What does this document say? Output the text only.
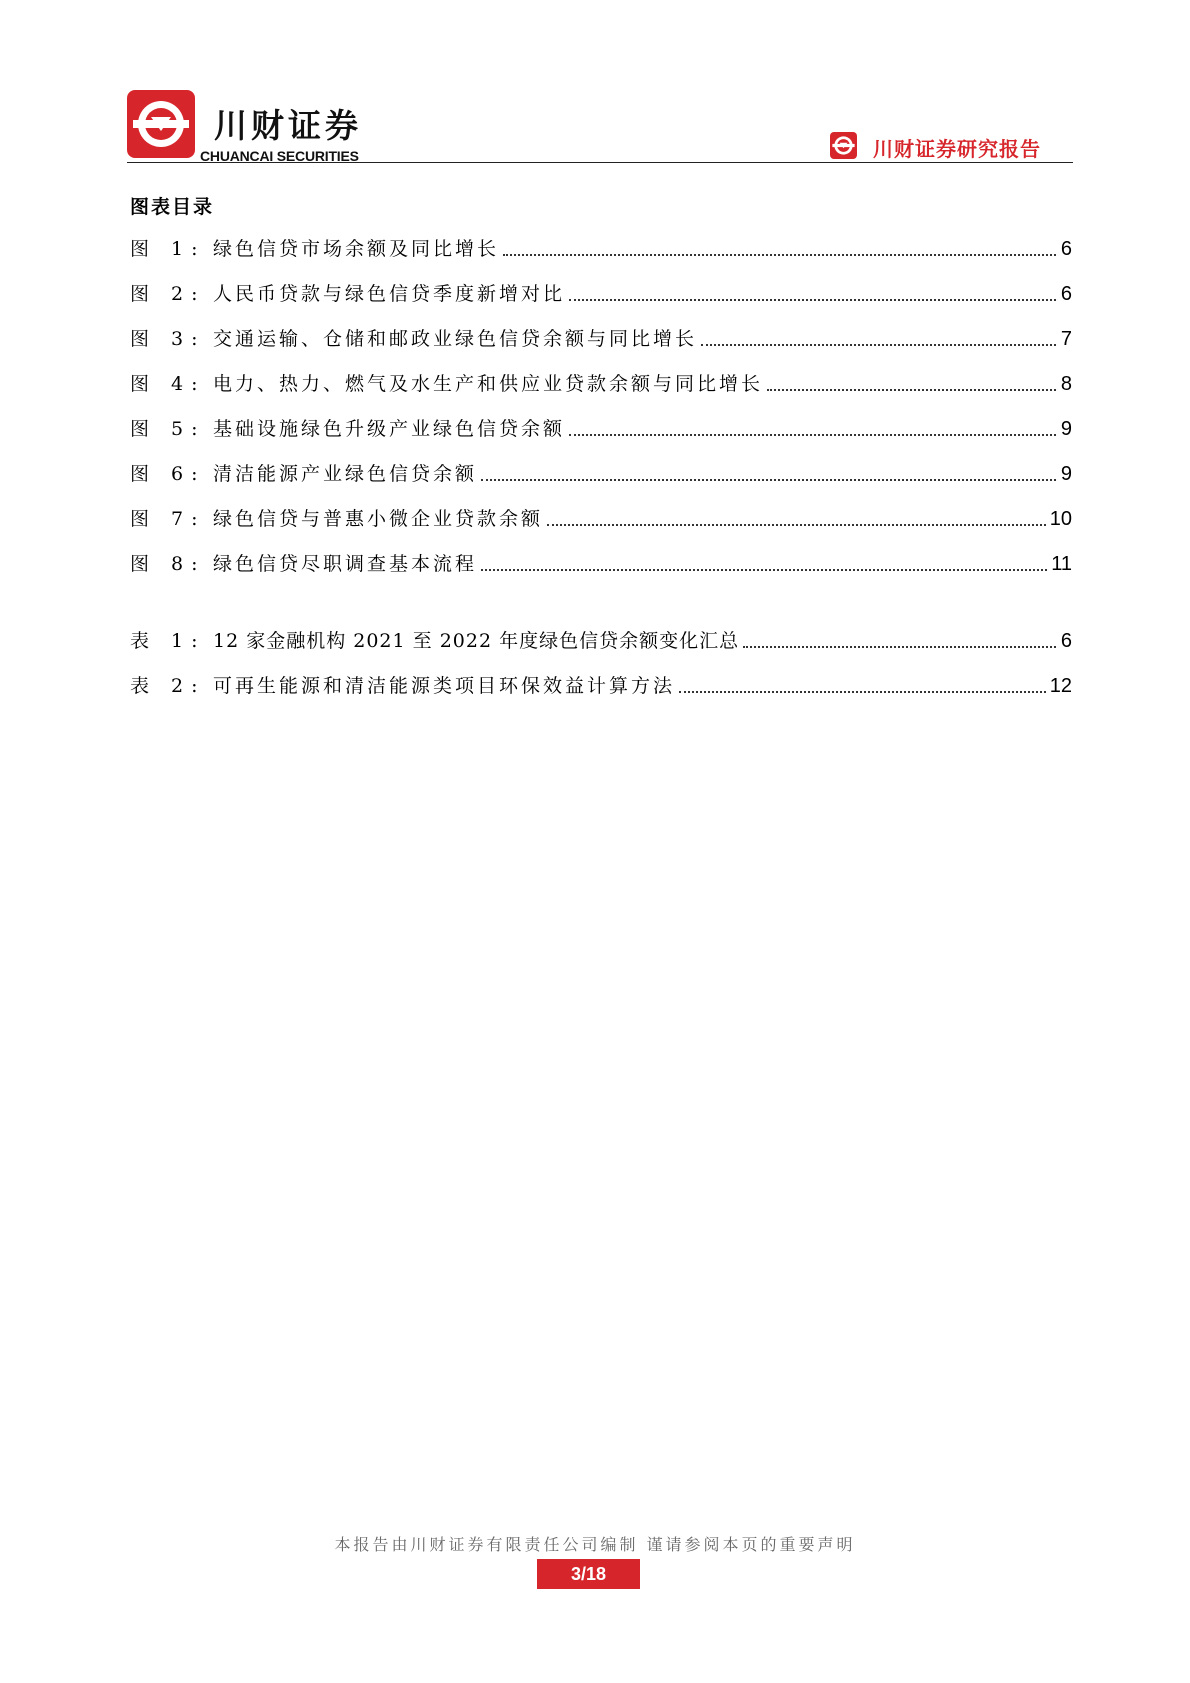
川财证券
CHUANCAI SECURITIES	川财证券研究报告
图表目录
图 1: 绿色信贷市场余额及同比增长	6
图 2: 人民币贷款与绿色信贷季度新增对比	6
图 3: 交通运输、仓储和邮政业绿色信贷余额与同比增长	7
图 4: 电力、热力、燃气及水生产和供应业贷款余额与同比增长	8
图 5: 基础设施绿色升级产业绿色信贷余额	9
图 6: 清洁能源产业绿色信贷余额	9
图 7: 绿色信贷与普惠小微企业贷款余额	10
图 8: 绿色信贷尽职调查基本流程	11
表 1: 12 家金融机构 2021 至 2022 年度绿色信贷余额变化汇总	6
表 2: 可再生能源和清洁能源类项目环保效益计算方法	12
本报告由川财证券有限责任公司编制 谨请参阅本页的重要声明
3/18
